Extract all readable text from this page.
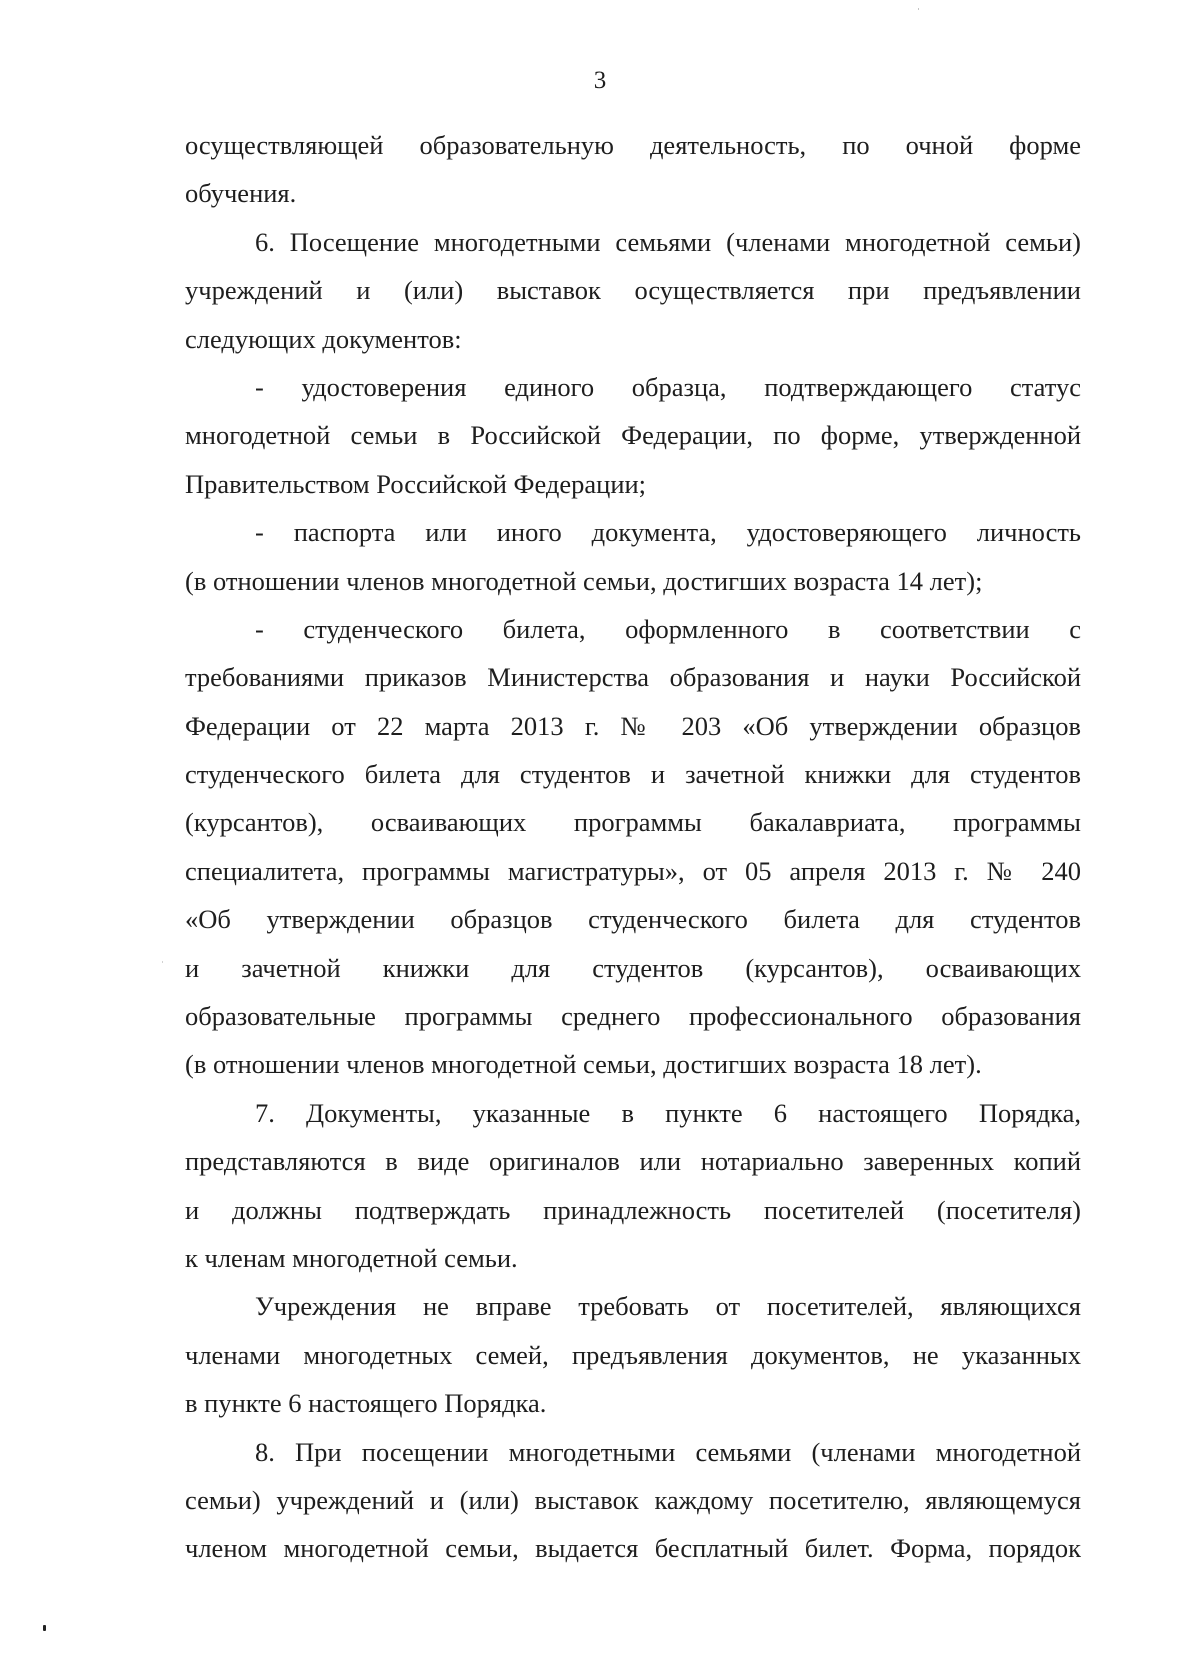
3
осуществляющей образовательную деятельность, по очной форме
обучения.
6. Посещение многодетными семьями (членами многодетной семьи)
учреждений и (или) выставок осуществляется при предъявлении
следующих документов:
- удостоверения единого образца, подтверждающего статус
многодетной семьи в Российской Федерации, по форме, утвержденной
Правительством Российской Федерации;
- паспорта или иного документа, удостоверяющего личность
(в отношении членов многодетной семьи, достигших возраста 14 лет);
- студенческого билета, оформленного в соответствии с
требованиями приказов Министерства образования и науки Российской
Федерации от 22 марта 2013 г. № 203 «Об утверждении образцов
студенческого билета для студентов и зачетной книжки для студентов
(курсантов), осваивающих программы бакалавриата, программы
специалитета, программы магистратуры», от 05 апреля 2013 г. № 240
«Об утверждении образцов студенческого билета для студентов
и зачетной книжки для студентов (курсантов), осваивающих
образовательные программы среднего профессионального образования
(в отношении членов многодетной семьи, достигших возраста 18 лет).
7. Документы, указанные в пункте 6 настоящего Порядка,
представляются в виде оригиналов или нотариально заверенных копий
и должны подтверждать принадлежность посетителей (посетителя)
к членам многодетной семьи.
Учреждения не вправе требовать от посетителей, являющихся
членами многодетных семей, предъявления документов, не указанных
в пункте 6 настоящего Порядка.
8. При посещении многодетными семьями (членами многодетной
семьи) учреждений и (или) выставок каждому посетителю, являющемуся
членом многодетной семьи, выдается бесплатный билет. Форма, порядок
